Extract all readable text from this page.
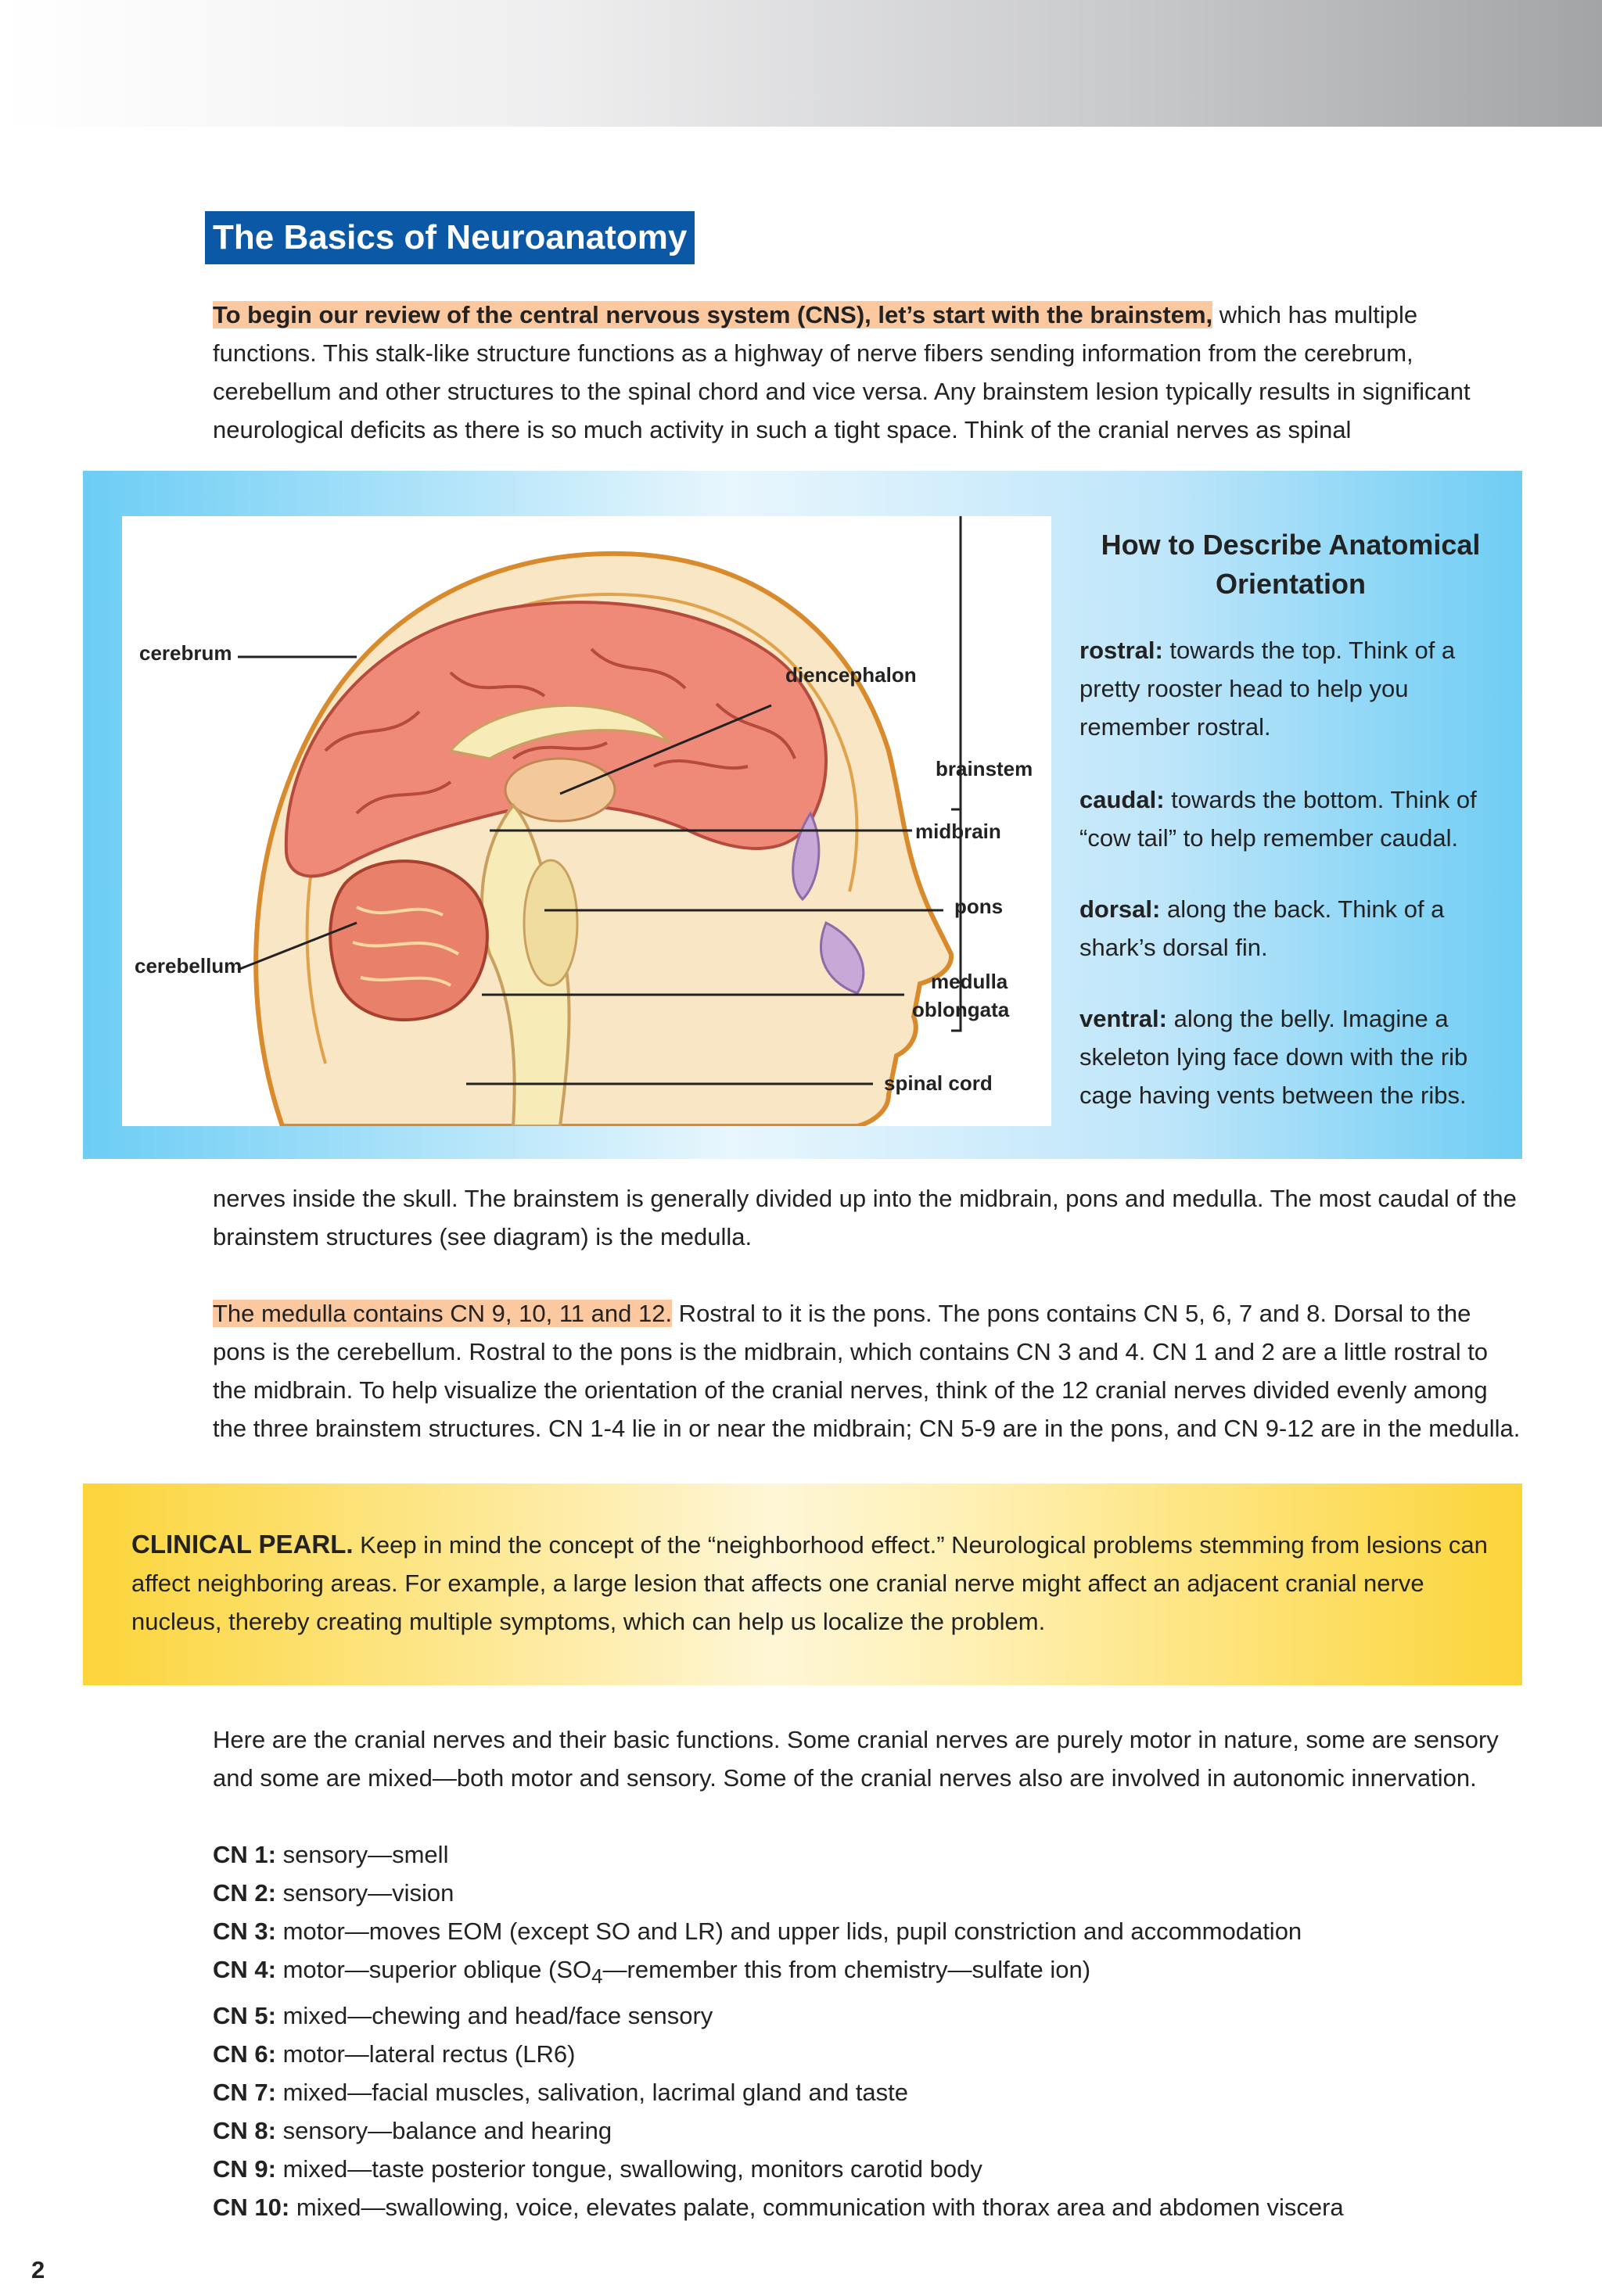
The Basics of Neuroanatomy

To begin our review of the central nervous system (CNS), let’s start with the brainstem, which has multiple functions. This stalk-like structure functions as a highway of nerve fibers sending information from the cerebrum, cerebellum and other structures to the spinal chord and vice versa. Any brainstem lesion typically results in significant neurological deficits as there is so much activity in such a tight space. Think of the cranial nerves as spinal

cerebrum
cerebellum
diencephalon
brainstem
midbrain
pons
medulla
oblongata
spinal cord
How to Describe Anatomical Orientation
rostral: towards the top. Think of a pretty rooster head to help you remember rostral.
caudal: towards the bottom. Think of “cow tail” to help remember caudal.
dorsal: along the back. Think of a shark’s dorsal fin.
ventral: along the belly. Imagine a skeleton lying face down with the rib cage having vents between the ribs.

nerves inside the skull. The brainstem is generally divided up into the midbrain, pons and medulla. The most caudal of the brainstem structures (see diagram) is the medulla.

The medulla contains CN 9, 10, 11 and 12. Rostral to it is the pons. The pons contains CN 5, 6, 7 and 8. Dorsal to the pons is the cerebellum. Rostral to the pons is the midbrain, which contains CN 3 and 4. CN 1 and 2 are a little rostral to the midbrain. To help visualize the orientation of the cranial nerves, think of the 12 cranial nerves divided evenly among the three brainstem structures. CN 1-4 lie in or near the midbrain; CN 5-9 are in the pons, and CN 9-12 are in the medulla.

CLINICAL PEARL. Keep in mind the concept of the “neighborhood effect.” Neurological problems stemming from lesions can affect neighboring areas. For example, a large lesion that affects one cranial nerve might affect an adjacent cranial nerve nucleus, thereby creating multiple symptoms, which can help us localize the problem.

Here are the cranial nerves and their basic functions. Some cranial nerves are purely motor in nature, some are sensory and some are mixed—both motor and sensory. Some of the cranial nerves also are involved in autonomic innervation.

CN 1: sensory—smell
CN 2: sensory—vision
CN 3: motor—moves EOM (except SO and LR) and upper lids, pupil constriction and accommodation
CN 4: motor—superior oblique ($SO_4—remember$ this from chemistry—sulfate ion)
CN 5: mixed—chewing and head/face sensory
CN 6: motor—lateral rectus (LR6)
CN 7: mixed—facial muscles, salivation, lacrimal gland and taste
CN 8: sensory—balance and hearing
CN 9: mixed—taste posterior tongue, swallowing, monitors carotid body
CN 10: mixed—swallowing, voice, elevates palate, communication with thorax area and abdomen viscera
2
